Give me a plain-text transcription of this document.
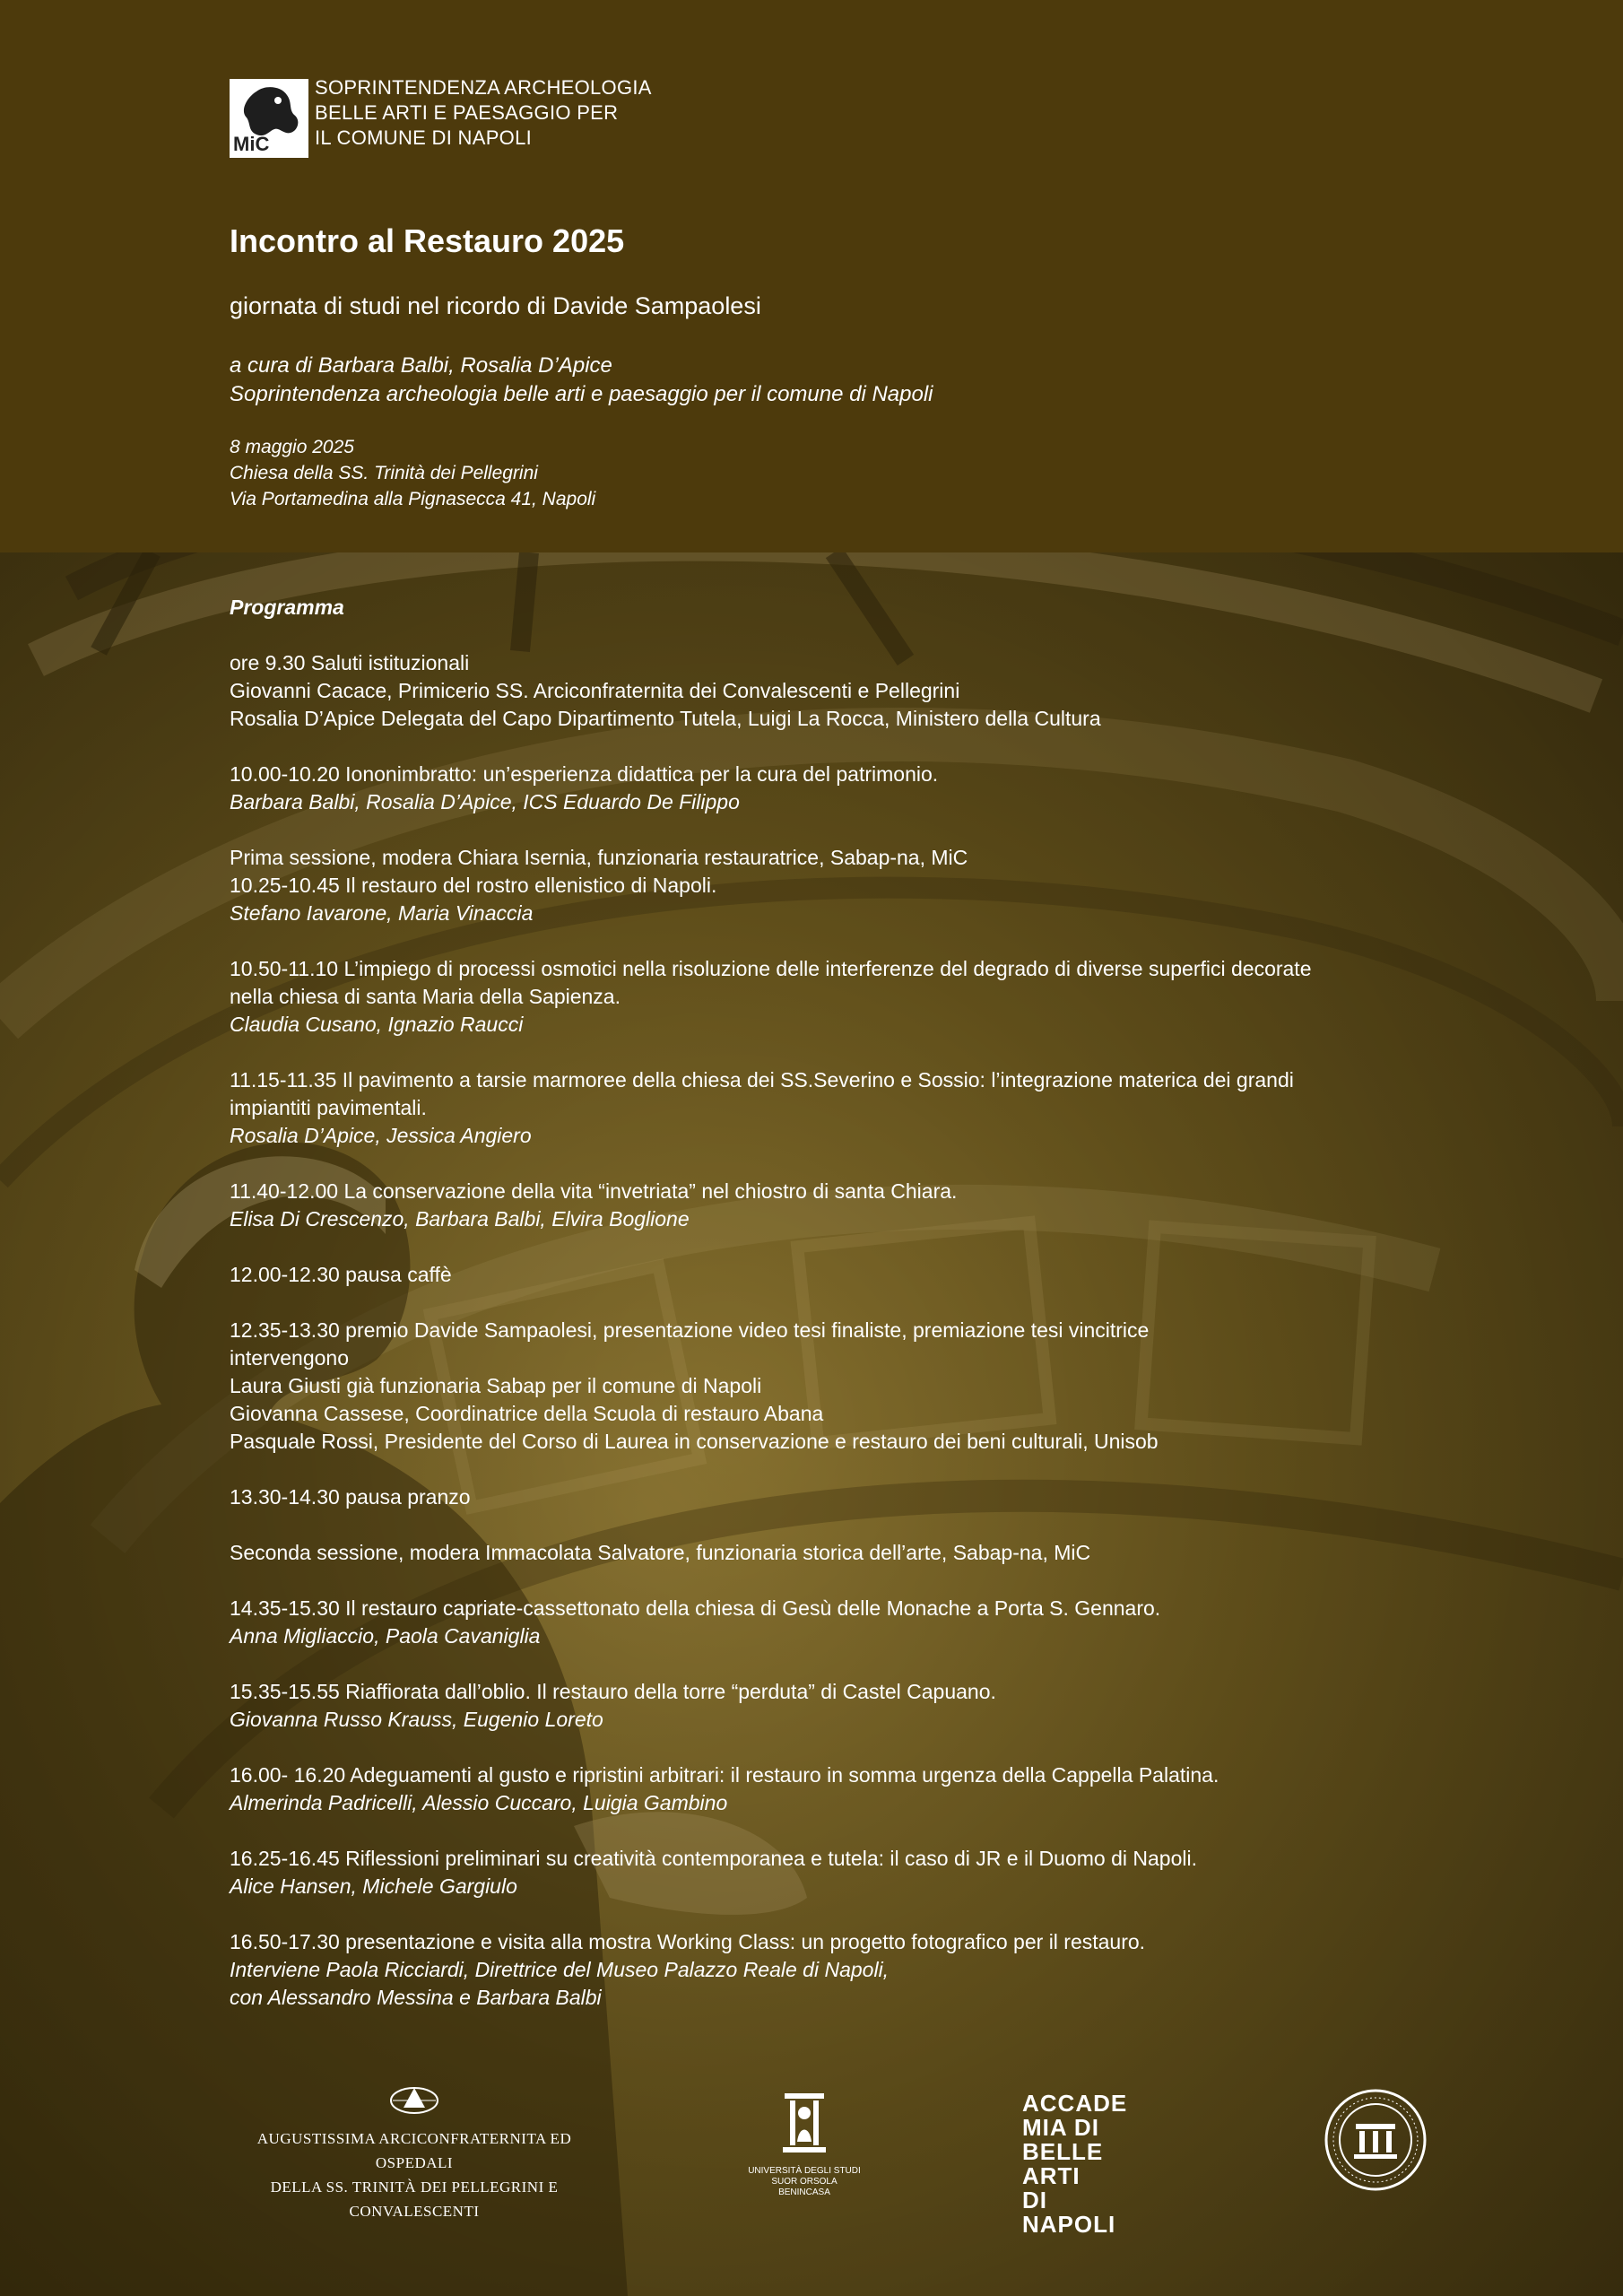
MiC
SOPRINTENDENZA ARCHEOLOGIA
BELLE ARTI E PAESAGGIO PER
IL COMUNE DI NAPOLI
Incontro al Restauro 2025
giornata di studi nel ricordo di Davide Sampaolesi
a cura di Barbara Balbi, Rosalia D’Apice
Soprintendenza archeologia belle arti e paesaggio per il comune di Napoli
8 maggio 2025
Chiesa della SS. Trinità dei Pellegrini
Via Portamedina alla Pignasecca 41, Napoli
Programma
ore 9.30 Saluti istituzionali
Giovanni Cacace, Primicerio SS. Arciconfraternita dei Convalescenti e Pellegrini
Rosalia D’Apice Delegata del Capo Dipartimento Tutela, Luigi La Rocca, Ministero della Cultura
10.00-10.20 Iononimbratto: un’esperienza didattica per la cura del patrimonio.
Barbara Balbi, Rosalia D’Apice, ICS Eduardo De Filippo
Prima sessione, modera Chiara Isernia, funzionaria restauratrice, Sabap-na, MiC
10.25-10.45 Il restauro del rostro ellenistico di Napoli.
Stefano Iavarone, Maria Vinaccia
10.50-11.10 L’impiego di processi osmotici nella risoluzione delle interferenze del degrado di diverse superfici decorate
nella chiesa di santa Maria della Sapienza.
Claudia Cusano, Ignazio Raucci
11.15-11.35 Il pavimento a tarsie marmoree della chiesa dei SS.Severino e Sossio: l’integrazione materica dei grandi
impiantiti pavimentali.
Rosalia D’Apice, Jessica Angiero
11.40-12.00 La conservazione della vita “invetriata” nel chiostro di santa Chiara.
Elisa Di Crescenzo, Barbara Balbi, Elvira Boglione
12.00-12.30 pausa caffè
12.35-13.30 premio Davide Sampaolesi, presentazione video tesi finaliste, premiazione tesi vincitrice
intervengono
Laura Giusti già funzionaria Sabap per il comune di Napoli
Giovanna Cassese, Coordinatrice della Scuola di restauro Abana
Pasquale Rossi, Presidente del Corso di Laurea in conservazione e restauro dei beni culturali, Unisob
13.30-14.30 pausa pranzo
Seconda sessione, modera Immacolata Salvatore, funzionaria storica dell’arte, Sabap-na, MiC
14.35-15.30 Il restauro capriate-cassettonato della chiesa di Gesù delle Monache a Porta S. Gennaro.
Anna Migliaccio, Paola Cavaniglia
15.35-15.55 Riaffiorata dall’oblio. Il restauro della torre “perduta” di Castel Capuano.
Giovanna Russo Krauss, Eugenio Loreto
16.00- 16.20 Adeguamenti al gusto e ripristini arbitrari: il restauro in somma urgenza della Cappella Palatina.
Almerinda Padricelli, Alessio Cuccaro, Luigia Gambino
16.25-16.45 Riflessioni preliminari su creatività contemporanea e tutela: il caso di JR e il Duomo di Napoli.
Alice Hansen, Michele Gargiulo
16.50-17.30 presentazione e visita alla mostra Working Class: un progetto fotografico per il restauro.
Interviene Paola Ricciardi, Direttrice del Museo Palazzo Reale di Napoli,
con Alessandro Messina e Barbara Balbi
AUGUSTISSIMA ARCICONFRATERNITA ED OSPEDALI
DELLA SS. TRINITÀ DEI PELLEGRINI E CONVALESCENTI
UNIVERSITÀ DEGLI STUDI
SUOR ORSOLA
BENINCASA
ACCADE
MIA DI
BELLE ARTI
DI NAPOLI
